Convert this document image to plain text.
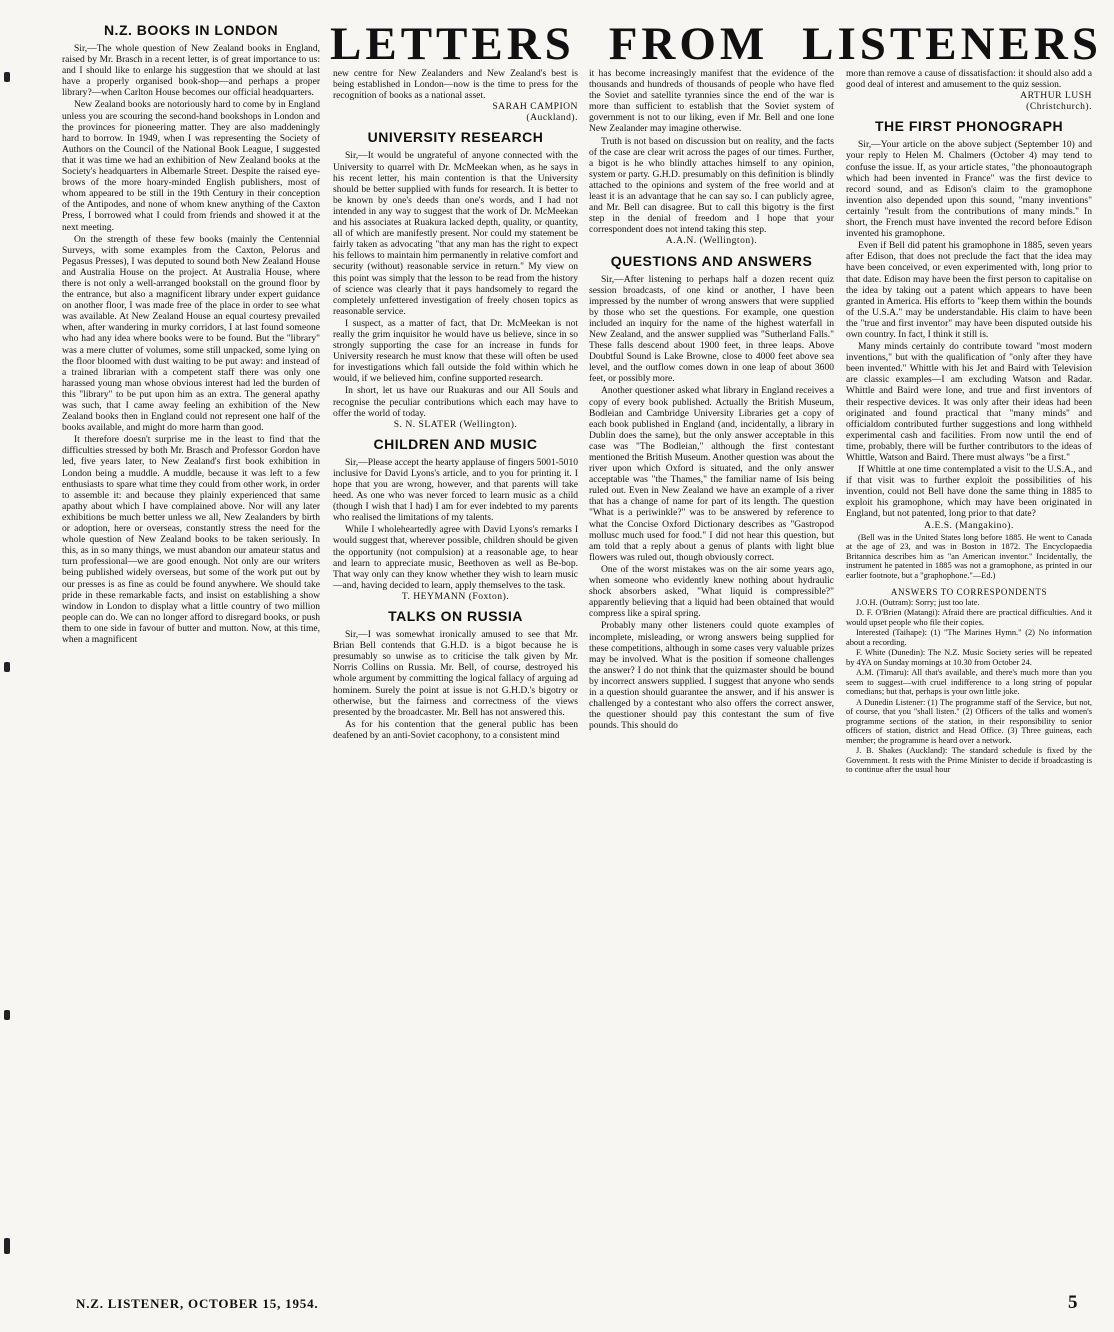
LETTERS FROM LISTENERS
N.Z. BOOKS IN LONDON

Sir,—The whole question of New Zealand books in England, raised by Mr. Brasch in a recent letter, is of great importance to us: and I should like to enlarge his suggestion that we should at last have a properly organised book-shop—and perhaps a proper library?—when Carlton House becomes our official headquarters.

New Zealand books are notoriously hard to come by in England unless you are scouring the second-hand bookshops in London and the provinces for pioneering matter. They are also maddeningly hard to borrow. In 1949, when I was representing the Society of Authors on the Council of the National Book League, I suggested that it was time we had an exhibition of New Zealand books at the Society's headquarters in Albemarle Street. Despite the raised eye-brows of the more hoary-minded English publishers, most of whom appeared to be still in the 19th Century in their conception of the Antipodes, and none of whom knew anything of the Caxton Press, I borrowed what I could from friends and showed it at the next meeting.

On the strength of these few books (mainly the Centennial Surveys, with some examples from the Caxton, Pelorus and Pegasus Presses), I was deputed to sound both New Zealand House and Australia House on the project. At Australia House, where there is not only a well-arranged bookstall on the ground floor by the entrance, but also a magnificent library under expert guidance on another floor, I was made free of the place in order to see what was available. At New Zealand House an equal courtesy prevailed when, after wandering in murky corridors, I at last found someone who had any idea where books were to be found. But the "library" was a mere clutter of volumes, some still unpacked, some lying on the floor bloomed with dust waiting to be put away: and instead of a trained librarian with a competent staff there was only one harassed young man whose obvious interest had led the burden of this "library" to be put upon him as an extra. The general apathy was such, that I came away feeling an exhibition of the New Zealand books then in England could not represent one half of the books available, and might do more harm than good.

It therefore doesn't surprise me in the least to find that the difficulties stressed by both Mr. Brasch and Professor Gordon have led, five years later, to New Zealand's first book exhibition in London being a muddle. A muddle, because it was left to a few enthusiasts to spare what time they could from other work, in order to assemble it: and because they plainly experienced that same apathy about which I have complained above. Nor will any later exhibitions be much better unless we all, New Zealanders by birth or adoption, here or overseas, constantly stress the need for the whole question of New Zealand books to be taken seriously. In this, as in so many things, we must abandon our amateur status and turn professional—we are good enough. Not only are our writers being published widely overseas, but some of the work put out by our presses is as fine as could be found anywhere. We should take pride in these remarkable facts, and insist on establishing a show window in London to display what a little country of two million people can do. We can no longer afford to disregard books, or push them to one side in favour of butter and mutton. Now, at this time, when a magnificent

new centre for New Zealanders and New Zealand's best is being established in London—now is the time to press for the recognition of books as a national asset.

SARAH CAMPION
(Auckland).
UNIVERSITY RESEARCH

Sir,—It would be ungrateful of anyone connected with the University to quarrel with Dr. McMeekan when, as he says in his recent letter, his main contention is that the University should be better supplied with funds for research. It is better to be known by one's deeds than one's words, and I had not intended in any way to suggest that the work of Dr. McMeekan and his associates at Ruakura lacked depth, quality, or quantity, all of which are manifestly present. Nor could my statement be fairly taken as advocating "that any man has the right to expect his fellows to maintain him permanently in relative comfort and security (without) reasonable service in return." My view on this point was simply that the lesson to be read from the history of science was clearly that it pays handsomely to regard the completely unfettered investigation of freely chosen topics as reasonable service.

I suspect, as a matter of fact, that Dr. McMeekan is not really the grim inquisitor he would have us believe, since in so strongly supporting the case for an increase in funds for University research he must know that these will often be used for investigations which fall outside the fold within which he would, if we believed him, confine supported research.

In short, let us have our Ruakuras and our All Souls and recognise the peculiar contributions which each may have to offer the world of today.

S. N. SLATER (Wellington).
CHILDREN AND MUSIC

Sir,—Please accept the hearty applause of fingers 5001-5010 inclusive for David Lyons's article, and to you for printing it. I hope that you are wrong, however, and that parents will take heed. As one who was never forced to learn music as a child (though I wish that I had) I am for ever indebted to my parents who realised the limitations of my talents.

While I wholeheartedly agree with David Lyons's remarks I would suggest that, wherever possible, children should be given the opportunity (not compulsion) at a reasonable age, to hear and learn to appreciate music, Beethoven as well as Be-bop. That way only can they know whether they wish to learn music—and, having decided to learn, apply themselves to the task.

T. HEYMANN (Foxton).
TALKS ON RUSSIA

Sir,—I was somewhat ironically amused to see that Mr. Brian Bell contends that G.H.D. is a bigot because he is presumably so unwise as to criticise the talk given by Mr. Norris Collins on Russia. Mr. Bell, of course, destroyed his whole argument by committing the logical fallacy of arguing ad hominem. Surely the point at issue is not G.H.D.'s bigotry or otherwise, but the fairness and correctness of the views presented by the broadcaster. Mr. Bell has not answered this.

As for his contention that the general public has been deafened by an anti-Soviet cacophony, to a consistent mind

it has become increasingly manifest that the evidence of the thousands and hundreds of thousands of people who have fled the Soviet and satellite tyrannies since the end of the war is more than sufficient to establish that the Soviet system of government is not to our liking, even if Mr. Bell and one lone New Zealander may imagine otherwise.

Truth is not based on discussion but on reality, and the facts of the case are clear writ across the pages of our times. Further, a bigot is he who blindly attaches himself to any opinion, system or party. G.H.D. presumably on this definition is blindly attached to the opinions and system of the free world and at least it is an advantage that he can say so. I can publicly agree, and Mr. Bell can disagree. But to call this bigotry is the first step in the denial of freedom and I hope that your correspondent does not intend taking this step.

A.A.N. (Wellington).
QUESTIONS AND ANSWERS

Sir,—After listening to perhaps half a dozen recent quiz session broadcasts, of one kind or another, I have been impressed by the number of wrong answers that were supplied by those who set the questions. For example, one question included an inquiry for the name of the highest waterfall in New Zealand, and the answer supplied was "Sutherland Falls." These falls descend about 1900 feet, in three leaps. Above Doubtful Sound is Lake Browne, close to 4000 feet above sea level, and the outflow comes down in one leap of about 3600 feet, or possibly more.

Another questioner asked what library in England receives a copy of every book published. Actually the British Museum, Bodleian and Cambridge University Libraries get a copy of each book published in England (and, incidentally, a library in Dublin does the same), but the only answer acceptable in this case was "The Bodleian," although the first contestant mentioned the British Museum. Another question was about the river upon which Oxford is situated, and the only answer acceptable was "the Thames," the familiar name of Isis being ruled out. Even in New Zealand we have an example of a river that has a change of name for part of its length. The question "What is a periwinkle?" was to be answered by reference to what the Concise Oxford Dictionary describes as "Gastropod mollusc much used for food." I did not hear this question, but am told that a reply about a genus of plants with light blue flowers was ruled out, though obviously correct.

One of the worst mistakes was on the air some years ago, when someone who evidently knew nothing about hydraulic shock absorbers asked, "What liquid is compressible?" apparently believing that a liquid had been obtained that would compress like a spiral spring.

Probably many other listeners could quote examples of incomplete, misleading, or wrong answers being supplied for these competitions, although in some cases very valuable prizes may be involved. What is the position if someone challenges the answer? I do not think that the quizmaster should be bound by incorrect answers supplied. I suggest that anyone who sends in a question should guarantee the answer, and if his answer is challenged by a contestant who also offers the correct answer, the questioner should pay this contestant the sum of five pounds. This should do

more than remove a cause of dissatisfaction: it should also add a good deal of interest and amusement to the quiz session.

ARTHUR LUSH
(Christchurch).
THE FIRST PHONOGRAPH

Sir,—Your article on the above subject (September 10) and your reply to Helen M. Chalmers (October 4) may tend to confuse the issue. If, as your article states, "the phonoautograph which had been invented in France" was the first device to record sound, and as Edison's claim to the gramophone invention also depended upon this sound, "many inventions" certainly "result from the contributions of many minds." In short, the French must have invented the record before Edison invented his gramophone.

Even if Bell did patent his gramophone in 1885, seven years after Edison, that does not preclude the fact that the idea may have been conceived, or even experimented with, long prior to that date. Edison may have been the first person to capitalise on the idea by taking out a patent which appears to have been granted in America. His efforts to "keep them within the bounds of the U.S.A." may be understandable. His claim to have been the "true and first inventor" may have been disputed outside his own country. In fact, I think it still is.

Many minds certainly do contribute toward "most modern inventions," but with the qualification of "only after they have been invented." Whittle with his Jet and Baird with Television are classic examples—I am excluding Watson and Radar. Whittle and Baird were lone, and true and first inventors of their respective devices. It was only after their ideas had been originated and found practical that "many minds" and officialdom contributed further suggestions and long withheld experimental cash and facilities. From now until the end of time, probably, there will be further contributors to the ideas of Whittle, Watson and Baird. There must always "be a first."

If Whittle at one time contemplated a visit to the U.S.A., and if that visit was to further exploit the possibilities of his invention, could not Bell have done the same thing in 1885 to exploit his gramophone, which may have been originated in England, but not patented, long prior to that date?

A.E.S. (Mangakino).

(Bell was in the United States long before 1885. He went to Canada at the age of 23, and was in Boston in 1872. The Encyclopaedia Britannica describes him as "an American inventor." Incidentally, the instrument he patented in 1885 was not a gramophone, as printed in our earlier footnote, but a "graphophone."—Ed.)

ANSWERS TO CORRESPONDENTS

J.O.H. (Outram): Sorry; just too late.

D. F. O'Brien (Matangi): Afraid there are practical difficulties. And it would upset people who file their copies.

Interested (Taihape): (1) "The Marines Hymn." (2) No information about a recording.

F. White (Dunedin): The N.Z. Music Society series will be repeated by 4YA on Sunday mornings at 10.30 from October 24.

A.M. (Timaru): All that's available, and there's much more than you seem to suggest—with cruel indifference to a long string of popular comedians; but that, perhaps is your own little joke.

A Dunedin Listener: (1) The programme staff of the Service, but not, of course, that you "shall listen." (2) Officers of the talks and women's programme sections of the station, in their responsibility to senior officers of station, district and Head Office. (3) Three guineas, each member; the programme is heard over a network.

J. B. Shakes (Auckland): The standard schedule is fixed by the Government. It rests with the Prime Minister to decide if broadcasting is to continue after the usual hour

N.Z. LISTENER, OCTOBER 15, 1954.	5
